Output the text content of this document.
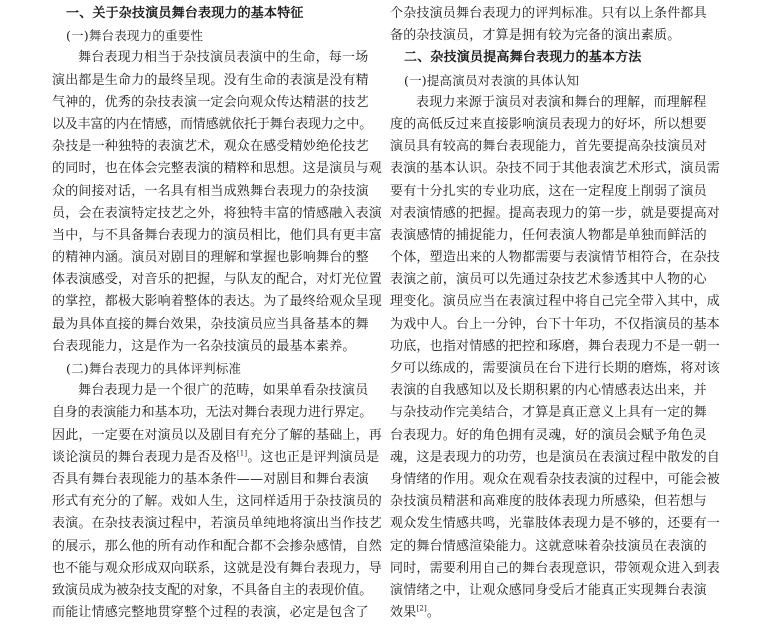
一、关于杂技演员舞台表现力的基本特征
(一)舞台表现力的重要性
舞台表现力相当于杂技演员表演中的生命，每一场
演出都是生命力的最终呈现。没有生命的表演是没有精
气神的，优秀的杂技表演一定会向观众传达精湛的技艺
以及丰富的内在情感，而情感就依托于舞台表现力之中。
杂技是一种独特的表演艺术，观众在感受精妙绝伦技艺
的同时，也在体会完整表演的精粹和思想。这是演员与观
众的间接对话，一名具有相当成熟舞台表现力的杂技演
员，会在表演特定技艺之外，将独特丰富的情感融入表演
当中，与不具备舞台表现力的演员相比，他们具有更丰富
的精神内涵。演员对剧目的理解和掌握也影响舞台的整
体表演感受，对音乐的把握，与队友的配合，对灯光位置
的掌控，都极大影响着整体的表达。为了最终给观众呈现
最为具体直接的舞台效果，杂技演员应当具备基本的舞
台表现能力，这是作为一名杂技演员的最基本素养。
(二)舞台表现力的具体评判标准
舞台表现力是一个很广的范畴，如果单看杂技演员
自身的表演能力和基本功，无法对舞台表现力进行界定。
因此，一定要在对演员以及剧目有充分了解的基础上，再
谈论演员的舞台表现力是否及格[1]。这也正是评判演员是
否具有舞台表现能力的基本条件——对剧目和舞台表演
形式有充分的了解。戏如人生，这同样适用于杂技演员的
表演。在杂技表演过程中，若演员单纯地将演出当作技艺
的展示，那么他的所有动作和配合都不会掺杂感情，自然
也不能与观众形成双向联系，这就是没有舞台表现力，导
致演员成为被杂技支配的对象，不具备自主的表现价值。
而能让情感完整地贯穿整个过程的表演，必定是包含了
个杂技演员舞台表现力的评判标准。只有以上条件都具
备的杂技演员，才算是拥有较为完备的演出素质。
二、杂技演员提高舞台表现力的基本方法
(一)提高演员对表演的具体认知
表现力来源于演员对表演和舞台的理解，而理解程
度的高低反过来直接影响演员表现力的好坏，所以想要
演员具有较高的舞台表现能力，首先要提高杂技演员对
表演的基本认识。杂技不同于其他表演艺术形式，演员需
要有十分扎实的专业功底，这在一定程度上削弱了演员
对表演情感的把握。提高表现力的第一步，就是要提高对
表演感情的捕捉能力，任何表演人物都是单独而鲜活的
个体，塑造出来的人物都需要与表演情节相符合，在杂技
表演之前，演员可以先通过杂技艺术参透其中人物的心
理变化。演员应当在表演过程中将自己完全带入其中，成
为戏中人。台上一分钟，台下十年功，不仅指演员的基本
功底，也指对情感的把控和琢磨，舞台表现力不是一朝一
夕可以练成的，需要演员在台下进行长期的磨炼，将对该
表演的自我感知以及长期积累的内心情感表达出来，并
与杂技动作完美结合，才算是真正意义上具有一定的舞
台表现力。好的角色拥有灵魂，好的演员会赋予角色灵
魂，这是表现力的功劳，也是演员在表演过程中散发的自
身情绪的作用。观众在观看杂技表演的过程中，可能会被
杂技演员精湛和高难度的肢体表现力所感染，但若想与
观众发生情感共鸣，光靠肢体表现力是不够的，还要有一
定的舞台情感渲染能力。这就意味着杂技演员在表演的
同时，需要利用自己的舞台表现意识，带领观众进入到表
演情绪之中，让观众感同身受后才能真正实现舞台表演
效果[2]。
